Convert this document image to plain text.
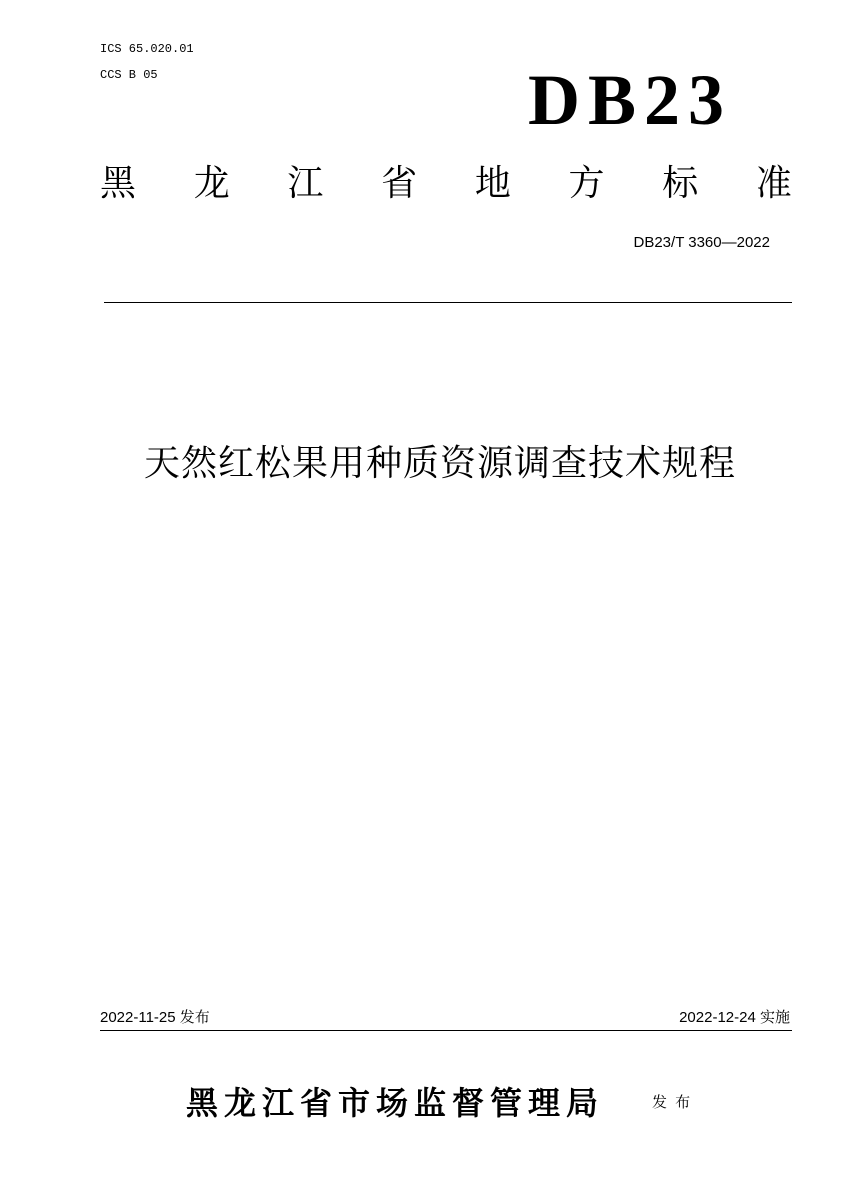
ICS 65.020.01
CCS B 05	DB23
黑 龙 江 省 地 方 标 准
DB23/T 3360—2022
天然红松果用种质资源调查技术规程
2022-11-25 发布	2022-12-24 实施
黑龙江省市场监督管理局	发 布
